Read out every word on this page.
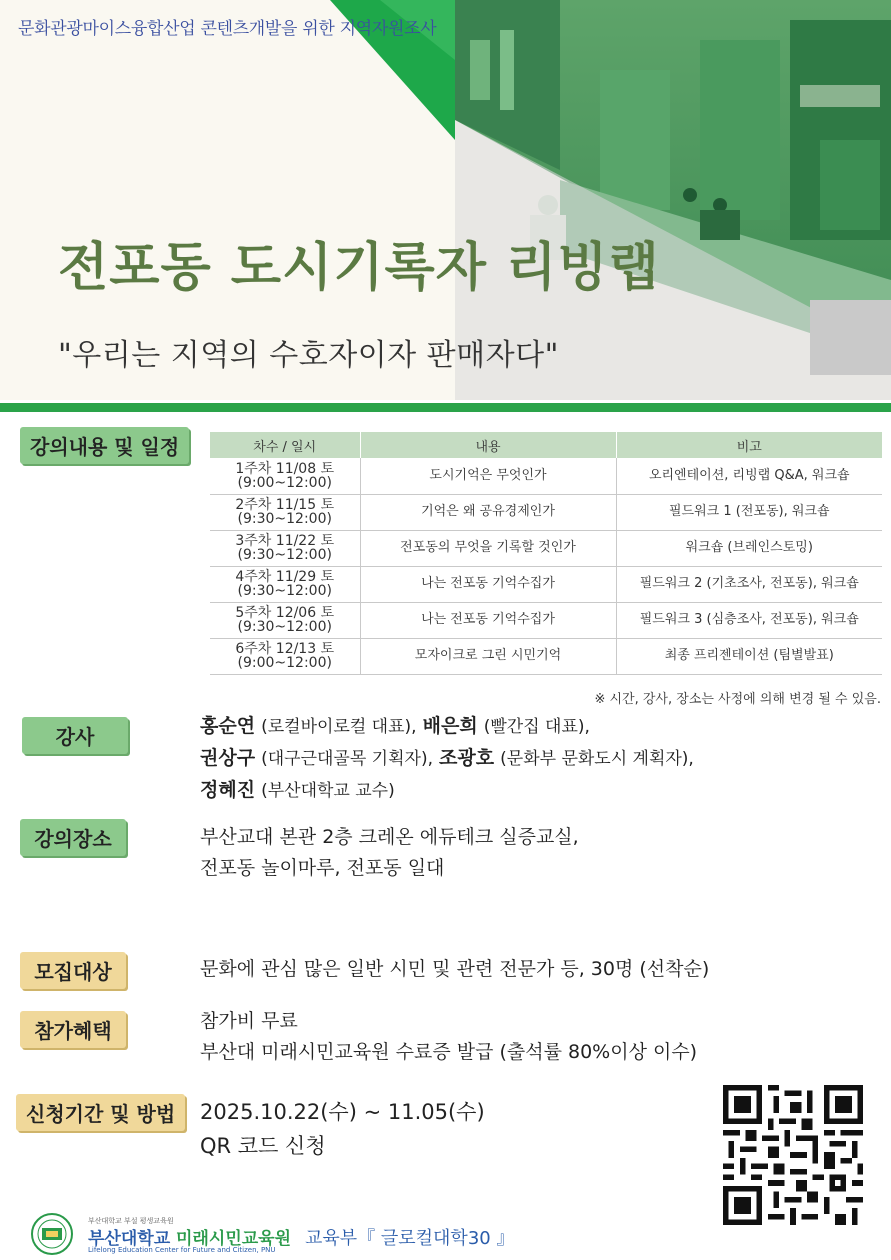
문화관광마이스융합산업 콘텐츠개발을 위한 지역자원조사
전포동 도시기록자 리빙랩
"우리는 지역의 수호자이자 판매자다"
강의내용 및 일정	차수 / 일시	내용	비고
1주차 11/08 토
(9:00~12:00)	도시기억은 무엇인가	오리엔테이션, 리빙랩 Q&A, 워크숍
2주차 11/15 토
(9:30~12:00)	기억은 왜 공유경제인가	필드워크 1 (전포동), 워크숍
3주차 11/22 토
(9:30~12:00)	전포동의 무엇을 기록할 것인가	워크숍 (브레인스토밍)
4주차 11/29 토
(9:30~12:00)	나는 전포동 기억수집가	필드워크 2 (기초조사, 전포동), 워크숍
5주차 12/06 토
(9:30~12:00)	나는 전포동 기억수집가	필드워크 3 (심층조사, 전포동), 워크숍
6주차 12/13 토
(9:00~12:00)	모자이크로 그린 시민기억	최종 프리젠테이션 (팀별발표)
※ 시간, 강사, 장소는 사정에 의해 변경 될 수 있음.
강사	홍순연 (로컬바이로컬 대표), 배은희 (빨간집 대표),
권상구 (대구근대골목 기획자), 조광호 (문화부 문화도시 계획자),
정혜진 (부산대학교 교수)
강의장소	부산교대 본관 2층 크레온 에듀테크 실증교실,
전포동 놀이마루, 전포동 일대
모집대상	문화에 관심 많은 일반 시민 및 관련 전문가 등, 30명 (선착순)
참가혜택	참가비 무료
부산대 미래시민교육원 수료증 발급 (출석률 80%이상 이수)
신청기간 및 방법	2025.10.22(수) ~ 11.05(수)
QR 코드 신청
부산대학교 부설 평생교육원
부산대학교 미래시민교육원
Lifelong Education Center for Future and Citizen, PNU
교육부『 글로컬대학30 』
